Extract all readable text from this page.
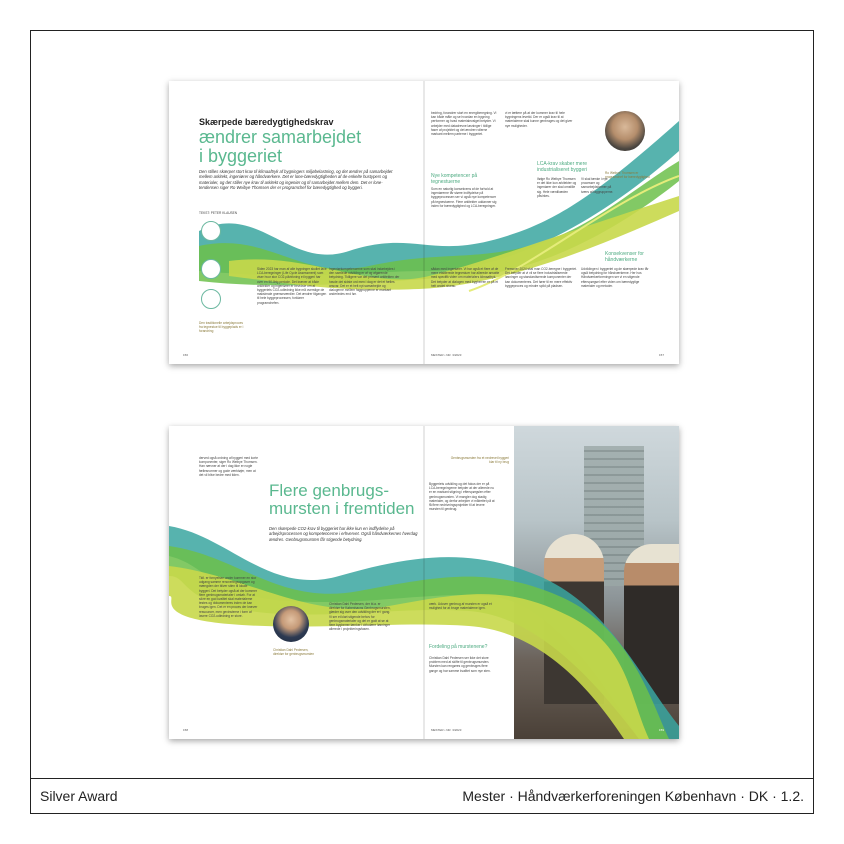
Skærpede bæredygtighedskrav
ændrer samarbejdet
i byggeriet
Den stilles skærpet stort krav til klimaaftryk af bygningers miljøbelastning, og det ændrer på samarbejdet mellem arkitekt, ingeniører og håndværkere. Det er lone-bæredygtigheden af de enkelte hustypers og materialer, og det stiller nye krav til arkitekt og ingeniør og til samarbejdet mellem dem. Det er lone-tendensen siger Ro Weibye Thomsen der er programchef for bæredygtighed og byggeri.
TEKST: PETER KLAUSEN
Den traditionelle arbejdsproces fra tegnestue til byggeplads er i forandring
Siden 2023 har man af alle bygninger skullet lave LCA-beregninger (Life Cycle Assessment) som viser hvor stor CO2-påvirkning et byggeri har over en 50-årig periode. Det kræver at både arkitekter og ingeniører er bevidste om at byggeriets CO2-udledning ikke må overstige de maksimale grænseværdier. Det ændrer tilgangen til hele byggeprocessen, forklarer programchefen.
Ingeniørkompetencerne som skal indarbejdes i den samlede udvikling er af og afgørende betydning. Tidligere var det primært arkitekten der havde det sidste ord men i dag er det et fælles ansvar. Det er et helt nyt samarbejde og dialogerne mellem faggrupperne er markant anderledes end før.
bedring, forandrer stort en energiberegning. Vi kan både måle og se hvordan en bygning performer og hvad materialevalget betyder. Vi arbejder med datadrevne løsninger i tidlige faser af projektet og det ændrer rollerne markant mellem parterne i byggeriet.
Nye kompetencer på tegnestuerne
Som en naturlig konsekvens af de forhold at ingeniørerne får større indflydelse på byggeprocessen ser vi også nye kompetencer på tegnestuerne. Flere arkitekter uddanner sig inden for bæredygtighed og LCA-beregninger.
sådan med ingeniører. Vi har også et flere af de mere etablerede tegnestuer har allerede ansatte med specifik viden om materialers klimaaftryk. Det betyder at dialogen med bygherren er på et helt andet niveau.
Fremover 2024 skal man CO2-beregne i byggeriet. Det betyder at vi vil se flere industrialiserede løsninger og standardiserede komponenter der kan dokumenteres. Det fører til en mere effektiv byggeproces og mindre spild på pladsen.
vi er tættere på at der kommer krav til hele bygningens levetid. Der er også krav til at materialerne skal kunne genbruges og det giver nye muligheder.
LCA-krav skaber mere industrialiseret byggeri
Ifølge Ro Weibye Thomsen er det ikke kun arkitekter og ingeniører der skal omstille sig. Hele værdikæden påvirkes.
Vi skal tænke i nye processer og samarbejdsformer på tværs af faggrupperne.
Ro Weibye Thomsen er programchef for bæredygtighed
Konsekvenser for håndværkerne
Udviklingen i byggeriet og de skærpede krav får også betydning for håndværkerne. Her hos Håndværkerforeningen ser vi en stigende efterspørgsel efter viden om bæredygtige materialer og metoder.
156	MESTER • NR. 3/2023	157
derved også ordning af byggeri med korte komponenter, siger Ro Weibye Thomsen. Han nævner at der i dag ikke er nogle fællesnormer og gode værktøjer, men at det vil blive bedre med tiden.
Flere genbrugs-
mursten i fremtiden
Den skærpede CO2-krav til byggeriet har ikke kun en indflydelse på arbejdsprocessen og kompetencerne i erhvervet. Også håndværkernes hverdag ændres. Genbrugsmursten får stigende betydning.
Tidl. er fornyelsen ander kommer en stor udgang samme renoveringsopgaver og mængden der bliver stien til lokale byggeri. Det betyder også at der kommer flere genbrugsmaterialer i omløb. For at sikre en god kvalitet skal materialerne testes og dokumenteres inden de kan bruges igen. Det er en proces der kræver ressourcer, men gevinsterne i form af lavere CO2-udledning er store.
Christian Dahl Pedersen, direktør for genbrugsmursten
Christian Dahl Pedersen, der bl.a. er direktør for Københavns Genbrugsmursten, glæder sig over den udvikling der er i gang. Vi ser et klart stigende behov for genbrugsmaterialer og det er godt at se at flere bygherrer tænker i cirkulære løsninger allerede i projekteringsfasen.
værk. Udover genbrug af mursten er også et mulighed for at bruge materialerne igen.
Fordeling på murstenene?
Christian Dahl Pedersen ser ikke det store problem med at skifte til genbrugsmursten. Mursten kan rengøres og genbruges flere gange og har samme kvalitet som nye sten.
Byggeriets udvikling og det fokus der er på LCA-beregningerne betyder at der allerede nu er en markant stigning i efterspørgslen efter genbrugsmursten. Vi mangler dog stadig materialer, og derfor arbejder vi målrettet på at få flere nedrivningsprojekter til at levere mursten til genbrug.
Genbrugsmursten fra et nedrevet byggeri klar til ny brug
158	MESTER • NR. 3/2023	159
Silver Award	Mester · Håndværkerforeningen København · DK · 1.2.
